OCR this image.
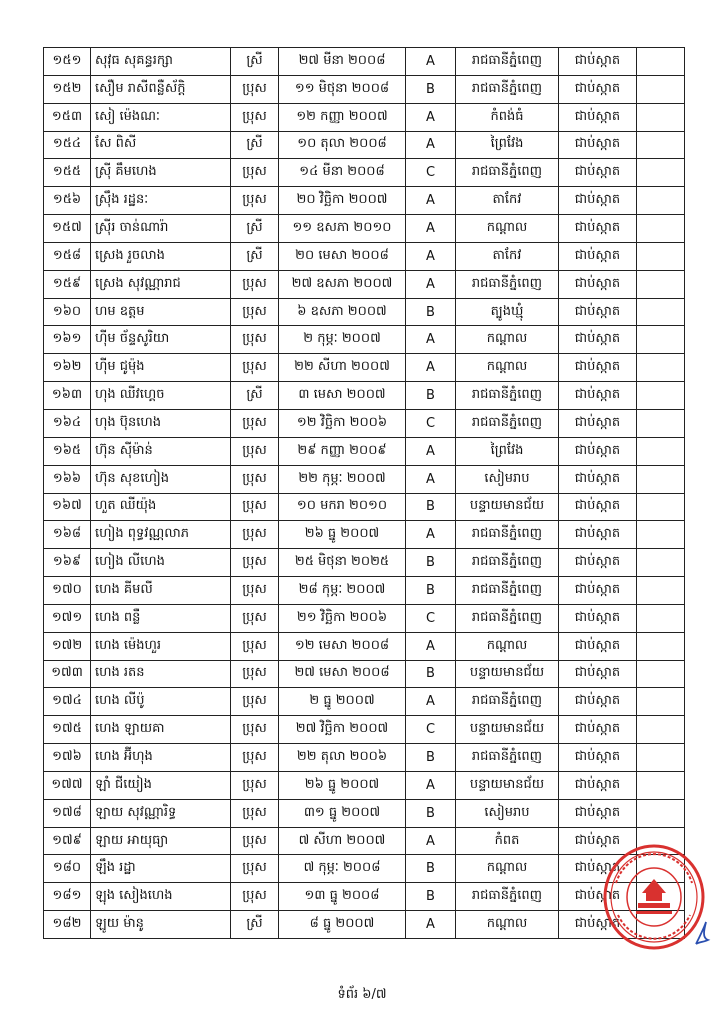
១៥១	សុវុធ សុគន្ធរក្សា	ស្រី	២៧ មីនា ២០០៨	A	រាជធានីភ្នំពេញ	ជាប់ស្កាត	
១៥២	សឿម រាសីពន្លឺស័ក្តិ	ប្រុស	១១ មិថុនា ២០០៨	B	រាជធានីភ្នំពេញ	ជាប់ស្កាត	
១៥៣	សៀ ម៉េងណៈ	ប្រុស	១២ កញ្ញា ២០០៧	A	កំពង់ធំ	ជាប់ស្កាត	
១៥៤	សែ ពិសី	ស្រី	១០ តុលា ២០០៨	A	ព្រៃវែង	ជាប់ស្កាត	
១៥៥	ស្រ៊ី គឹមហេង	ប្រុស	១៤ មីនា ២០០៨	C	រាជធានីភ្នំពេញ	ជាប់ស្កាត	
១៥៦	ស្រ៊ឹង រដ្ឋនៈ	ប្រុស	២០ វិច្ឆិកា ២០០៧	A	តាកែវ	ជាប់ស្កាត	
១៥៧	ស្រ៊ីរ ចាន់ណារ៉ា	ស្រី	១១ ឧសភា ២០១០	A	កណ្តាល	ជាប់ស្កាត	
១៥៨	ស្រេង រួចលាង	ស្រី	២០ មេសា ២០០៨	A	តាកែវ	ជាប់ស្កាត	
១៥៩	ស្រេង សុវណ្ណារាជ	ប្រុស	២៧ ឧសភា ២០០៧	A	រាជធានីភ្នំពេញ	ជាប់ស្កាត	
១៦០	ហម ឧត្តម	ប្រុស	៦ ឧសភា ២០០៧	B	ត្បូងឃ្មុំ	ជាប់ស្កាត	
១៦១	ហ៊ីម ច័ន្ទសូរិយា	ប្រុស	២ កុម្ភៈ ២០០៧	A	កណ្តាល	ជាប់ស្កាត	
១៦២	ហ៊ីម ជូម៉ុង	ប្រុស	២២ សីហា ២០០៧	A	កណ្តាល	ជាប់ស្កាត	
១៦៣	ហុង ឈីវហ្គេច	ស្រី	៣ មេសា ២០០៧	B	រាជធានីភ្នំពេញ	ជាប់ស្កាត	
១៦៤	ហុង ប៊ុនហេង	ប្រុស	១២ វិច្ឆិកា ២០០៦	C	រាជធានីភ្នំពេញ	ជាប់ស្កាត	
១៦៥	ហ៊ុន ស៊ីម៉ាន់	ប្រុស	២៩ កញ្ញា ២០០៩	A	ព្រៃវែង	ជាប់ស្កាត	
១៦៦	ហ៊ុន សុខហៀង	ប្រុស	២២ កុម្ភៈ ២០០៧	A	សៀមរាប	ជាប់ស្កាត	
១៦៧	ហួត ឈីយ៉ុង	ប្រុស	១០ មករា ២០១០	B	បន្ទាយមានជ័យ	ជាប់ស្កាត	
១៦៨	ហៀង ពុទ្ធវណ្ណលាភ	ប្រុស	២៦ ធ្នូ ២០០៧	A	រាជធានីភ្នំពេញ	ជាប់ស្កាត	
១៦៩	ហៀង លីហេង	ប្រុស	២៥ មិថុនា ២០២៥	B	រាជធានីភ្នំពេញ	ជាប់ស្កាត	
១៧០	ហេង គីមលី	ប្រុស	២៨ កុម្ភៈ ២០០៧	B	រាជធានីភ្នំពេញ	ជាប់ស្កាត	
១៧១	ហេង ពន្លឺ	ប្រុស	២១ វិច្ឆិកា ២០០៦	C	រាជធានីភ្នំពេញ	ជាប់ស្កាត	
១៧២	ហេង ម៉េងហួរ	ប្រុស	១២ មេសា ២០០៨	A	កណ្តាល	ជាប់ស្កាត	
១៧៣	ហេង រតន	ប្រុស	២៧ មេសា ២០០៨	B	បន្ទាយមានជ័យ	ជាប់ស្កាត	
១៧៤	ហេង លីប៉ូ	ប្រុស	២ ធ្នូ ២០០៧	A	រាជធានីភ្នំពេញ	ជាប់ស្កាត	
១៧៥	ហេង ឡាយគា	ប្រុស	២៧ វិច្ឆិកា ២០០៧	C	បន្ទាយមានជ័យ	ជាប់ស្កាត	
១៧៦	ហេង អ៊ីហុង	ប្រុស	២២ តុលា ២០០៦	B	រាជធានីភ្នំពេញ	ជាប់ស្កាត	
១៧៧	ឡាំ ជីយៀង	ប្រុស	២៦ ធ្នូ ២០០៧	A	បន្ទាយមានជ័យ	ជាប់ស្កាត	
១៧៨	ឡាយ សុវណ្ណារិទ្ធ	ប្រុស	៣១ ធ្នូ ២០០៧	B	សៀមរាប	ជាប់ស្កាត	
១៧៩	ឡាយ អាយុធ្យា	ប្រុស	៧ សីហា ២០០៧	A	កំពត	ជាប់ស្កាត	
១៨០	ឡឹង រដ្ឋា	ប្រុស	៧ កុម្ភៈ ២០០៨	B	កណ្តាល	ជាប់ស្កាត	
១៨១	ឡុង សៀងហេង	ប្រុស	១៣ ធ្នូ ២០០៨	B	រាជធានីភ្នំពេញ	ជាប់ស្កាត	
១៨២	ឡូយ ម៉ានូ	ស្រី	៨ ធ្នូ ២០០៧	A	កណ្តាល	ជាប់ស្កាត	
ទំព័រ ៦/៧
